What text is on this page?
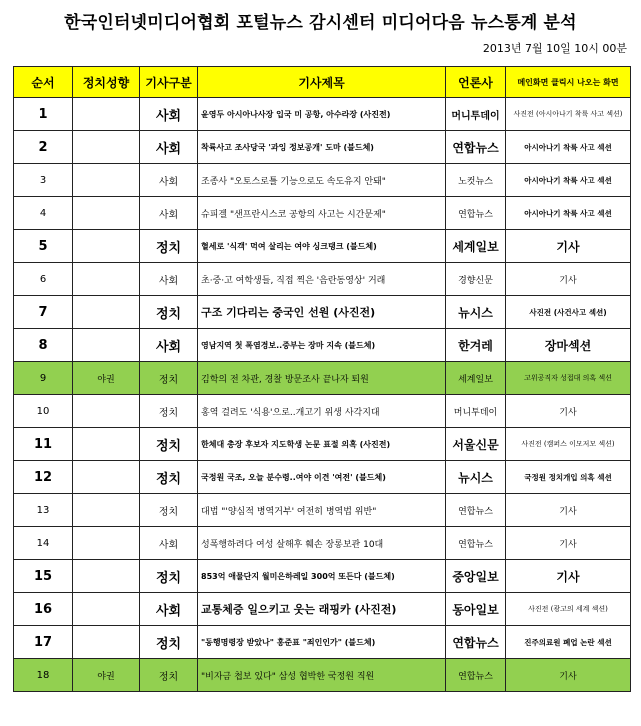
한국인터넷미디어협회 포털뉴스 감시센터 미디어다음 뉴스통계 분석
2013년 7월 10일 10시 00분
순서	정치성향	기사구분	기사제목	언론사	메인화면 클릭시 나오는 화면
1		사회	윤영두 아시아나사장 입국 미 공항, 아수라장 (사진전)	머니투데이	사진전 (아시아나기 착륙 사고 섹션)
2		사회	착륙사고 조사당국 '과잉 정보공개' 도마 (블드체)	연합뉴스	아시아나기 착륙 사고 섹션
3		사회	조종사 "오토스로틀 기능으로도 속도유지 안돼"	노컷뉴스	아시아나기 착륙 사고 섹션
4		사회	슈피겔 "샌프란시스코 공항의 사고는 시간문제"	연합뉴스	아시아나기 착륙 사고 섹션
5		정치	혈세로 '식객' 먹여 살리는 여야 싱크탱크 (블드체)	세계일보	기사
6		사회	초·중·고 여학생들, 직접 찍은 '음란동영상' 거래	경향신문	기사
7		정치	구조 기다리는 중국인 선원 (사진전)	뉴시스	사진전 (사건사고 섹션)
8		사회	영남지역 첫 폭염경보..중부는 장마 지속 (블드체)	한겨레	장마섹션
9	야권	정치	김학의 전 차관, 경찰 방문조사 끝나자 퇴원	세계일보	고위공직자 성접대 의혹 섹션
10		정치	홍역 걸려도 '식용'으로..개고기 위생 사각지대	머니투데이	기사
11		정치	한체대 총장 후보자 지도학생 논문 표절 의혹 (사진전)	서울신문	사진전 (캠퍼스 이모저모 섹션)
12		정치	국정원 국조, 오늘 분수령..여야 이견 '여전' (블드체)	뉴시스	국정원 정치개입 의혹 섹션
13		정치	대법 "'양심적 병역거부' 여전히 병역법 위반"	연합뉴스	기사
14		사회	성폭행하려다 여성 살해후 훼손 장롱보관 10대	연합뉴스	기사
15		정치	853억 애물단지 월미은하레일 300억 또든다 (블드체)	중앙일보	기사
16		사회	교통체증 일으키고 웃는 래핑카 (사진전)	동아일보	사진전 (광고의 세계 섹션)
17		정치	"동행명령장 받았나" 홍준표 "죄인인가" (블드체)	연합뉴스	진주의료원 폐업 논란 섹션
18	야권	정치	"비자금 첩보 있다" 삼성 협박한 국정원 직원	연합뉴스	기사
